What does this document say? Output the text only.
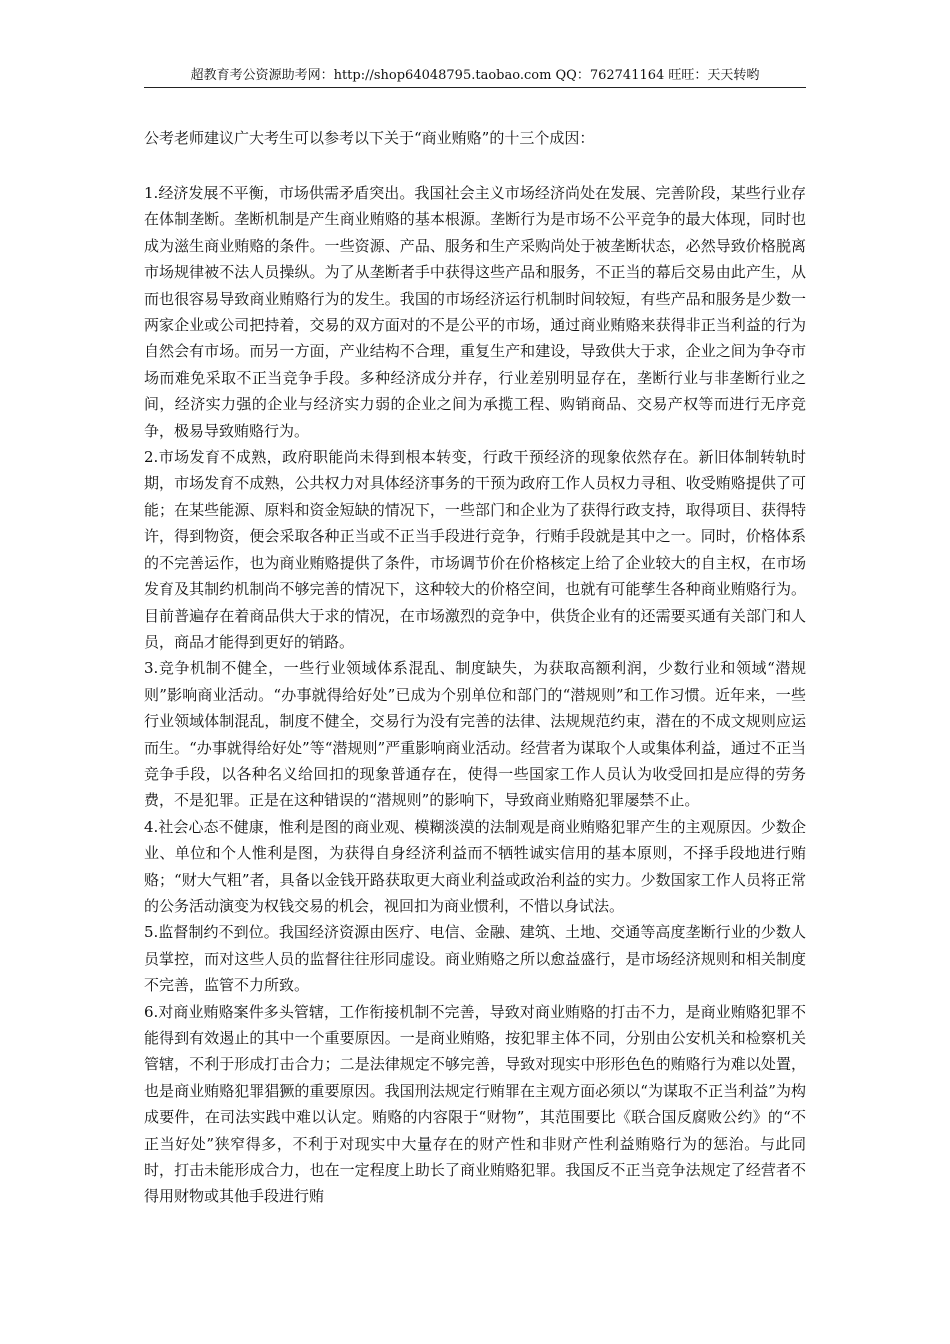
超教育考公资源助考网：http://shop64048795.taobao.com QQ：762741164 旺旺：天天转哟

公考老师建议广大考生可以参考以下关于“商业贿赂”的十三个成因：

1.经济发展不平衡，市场供需矛盾突出。我国社会主义市场经济尚处在发展、完善阶段，某些行业存在体制垄断。垄断机制是产生商业贿赂的基本根源。垄断行为是市场不公平竞争的最大体现，同时也成为滋生商业贿赂的条件。一些资源、产品、服务和生产采购尚处于被垄断状态，必然导致价格脱离市场规律被不法人员操纵。为了从垄断者手中获得这些产品和服务，不正当的幕后交易由此产生，从而也很容易导致商业贿赂行为的发生。我国的市场经济运行机制时间较短，有些产品和服务是少数一两家企业或公司把持着，交易的双方面对的不是公平的市场，通过商业贿赂来获得非正当利益的行为自然会有市场。而另一方面，产业结构不合理，重复生产和建设，导致供大于求，企业之间为争夺市场而难免采取不正当竞争手段。多种经济成分并存，行业差别明显存在，垄断行业与非垄断行业之间，经济实力强的企业与经济实力弱的企业之间为承揽工程、购销商品、交易产权等而进行无序竞争，极易导致贿赂行为。

2.市场发育不成熟，政府职能尚未得到根本转变，行政干预经济的现象依然存在。新旧体制转轨时期，市场发育不成熟，公共权力对具体经济事务的干预为政府工作人员权力寻租、收受贿赂提供了可能；在某些能源、原料和资金短缺的情况下，一些部门和企业为了获得行政支持，取得项目、获得特许，得到物资，便会采取各种正当或不正当手段进行竞争，行贿手段就是其中之一。同时，价格体系的不完善运作，也为商业贿赂提供了条件，市场调节价在价格核定上给了企业较大的自主权，在市场发育及其制约机制尚不够完善的情况下，这种较大的价格空间，也就有可能孳生各种商业贿赂行为。目前普遍存在着商品供大于求的情况，在市场激烈的竞争中，供货企业有的还需要买通有关部门和人员，商品才能得到更好的销路。

3.竞争机制不健全，一些行业领域体系混乱、制度缺失，为获取高额利润，少数行业和领域“潜规则”影响商业活动。“办事就得给好处”已成为个别单位和部门的“潜规则”和工作习惯。近年来，一些行业领域体制混乱，制度不健全，交易行为没有完善的法律、法规规范约束，潜在的不成文规则应运而生。“办事就得给好处”等“潜规则”严重影响商业活动。经营者为谋取个人或集体利益，通过不正当竞争手段，以各种名义给回扣的现象普通存在，使得一些国家工作人员认为收受回扣是应得的劳务费，不是犯罪。正是在这种错误的“潜规则”的影响下，导致商业贿赂犯罪屡禁不止。

4.社会心态不健康，惟利是图的商业观、模糊淡漠的法制观是商业贿赂犯罪产生的主观原因。少数企业、单位和个人惟利是图，为获得自身经济利益而不牺牲诚实信用的基本原则，不择手段地进行贿赂；“财大气粗”者，具备以金钱开路获取更大商业利益或政治利益的实力。少数国家工作人员将正常的公务活动演变为权钱交易的机会，视回扣为商业惯利，不惜以身试法。

5.监督制约不到位。我国经济资源由医疗、电信、金融、建筑、土地、交通等高度垄断行业的少数人员掌控，而对这些人员的监督往往形同虚设。商业贿赂之所以愈益盛行，是市场经济规则和相关制度不完善，监管不力所致。

6.对商业贿赂案件多头管辖，工作衔接机制不完善，导致对商业贿赂的打击不力，是商业贿赂犯罪不能得到有效遏止的其中一个重要原因。一是商业贿赂，按犯罪主体不同，分别由公安机关和检察机关管辖，不利于形成打击合力；二是法律规定不够完善，导致对现实中形形色色的贿赂行为难以处置，也是商业贿赂犯罪猖獗的重要原因。我国刑法规定行贿罪在主观方面必须以“为谋取不正当利益”为构成要件，在司法实践中难以认定。贿赂的内容限于“财物”，其范围要比《联合国反腐败公约》的“不正当好处”狭窄得多，不利于对现实中大量存在的财产性和非财产性利益贿赂行为的惩治。与此同时，打击未能形成合力，也在一定程度上助长了商业贿赂犯罪。我国反不正当竞争法规定了经营者不得用财物或其他手段进行贿
